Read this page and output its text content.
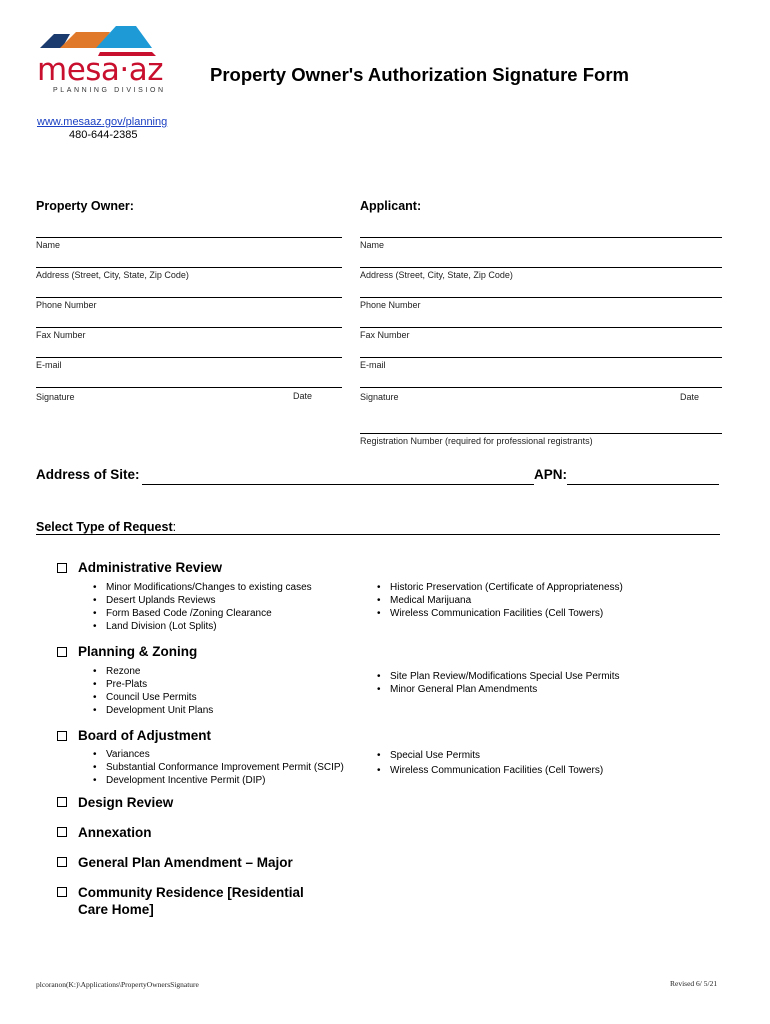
mesa·az
PLANNING DIVISION
Property Owner's Authorization Signature Form
www.mesaaz.gov/planning
480-644-2385
Property Owner:
Name
Address (Street, City, State, Zip Code)
Phone Number
Fax Number
E-mail
Signature	Date
Applicant:
Name
Address (Street, City, State, Zip Code)
Phone Number
Fax Number
E-mail
Signature	Date
Registration Number (required for professional registrants)
Address of Site:	APN:
Select Type of Request:
Administrative Review
• Minor Modifications/Changes to existing cases
• Desert Uplands Reviews
• Form Based Code /Zoning Clearance
• Land Division (Lot Splits)
• Historic Preservation (Certificate of Appropriateness)
• Medical Marijuana
• Wireless Communication Facilities (Cell Towers)
Planning & Zoning
• Rezone
• Pre-Plats
• Council Use Permits
• Development Unit Plans
• Site Plan Review/Modifications Special Use Permits
• Minor General Plan Amendments
Board of Adjustment
• Variances
• Substantial Conformance Improvement Permit (SCIP)
• Development Incentive Permit (DIP)
• Special Use Permits
• Wireless Communication Facilities (Cell Towers)
Design Review
Annexation
General Plan Amendment – Major
Community Residence [Residential
Care Home]
plcoranon(K:)\Applications\PropertyOwnersSignature	Revised 6/ 5/21
